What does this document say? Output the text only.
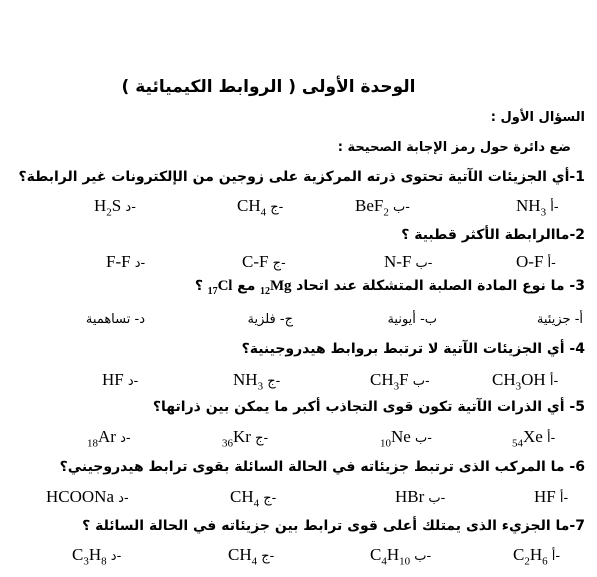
الوحدة الأولى ( الروابط الكيميائية )
السؤال الأول :
ضع دائرة حول رمز الإجابة الصحيحة :
1-أي الجزيئات الآتية تحتوى ذرته المركزية على زوجين من الإلكترونات غير الرابطة؟
$NH_3$ أ-
BeF$_2$ ب-
$CH_4$ ج-
$H_2S$ د-
2-ماالرابطة الأكثر قطبية ؟
O-F أ-
N-F ب-
C-F ج-
F-F د-
3- ما نوع المادة الصلبة المتشكلة عند اتحاد $_{12}$Mg مع $_{17}$Cl ؟
أ- جزيئية
ب- أيونية
ج- فلزية
د- تساهمية
4- أي الجزيئات الآتية لا ترتبط بروابط هيدروجينية؟
$CH_3OH$ أ-
$CH_3F$ ب-
$NH_3$ ج-
HF د-
5- أي الذرات الآتية تكون قوى التجاذب أكبر ما يمكن بين ذراتها؟
$_{54}$Xe أ-
$_{10}$Ne ب-
$_{36}$Kr ج-
$_{18}$Ar د-
6- ما المركب الذى ترتبط جزيئاته في الحالة السائلة بقوى ترابط هيدروجيني؟
HF أ-
HBr ب-
$CH_4$ ج-
HCOONa د-
7-ما الجزيء الذى يمتلك أعلى قوى ترابط بين جزيئاته في الحالة السائلة ؟
$C_2H_6$ أ-
$C_4H_{10}$ ب-
$CH_4$ ج-
$C_3H_8$ د-
